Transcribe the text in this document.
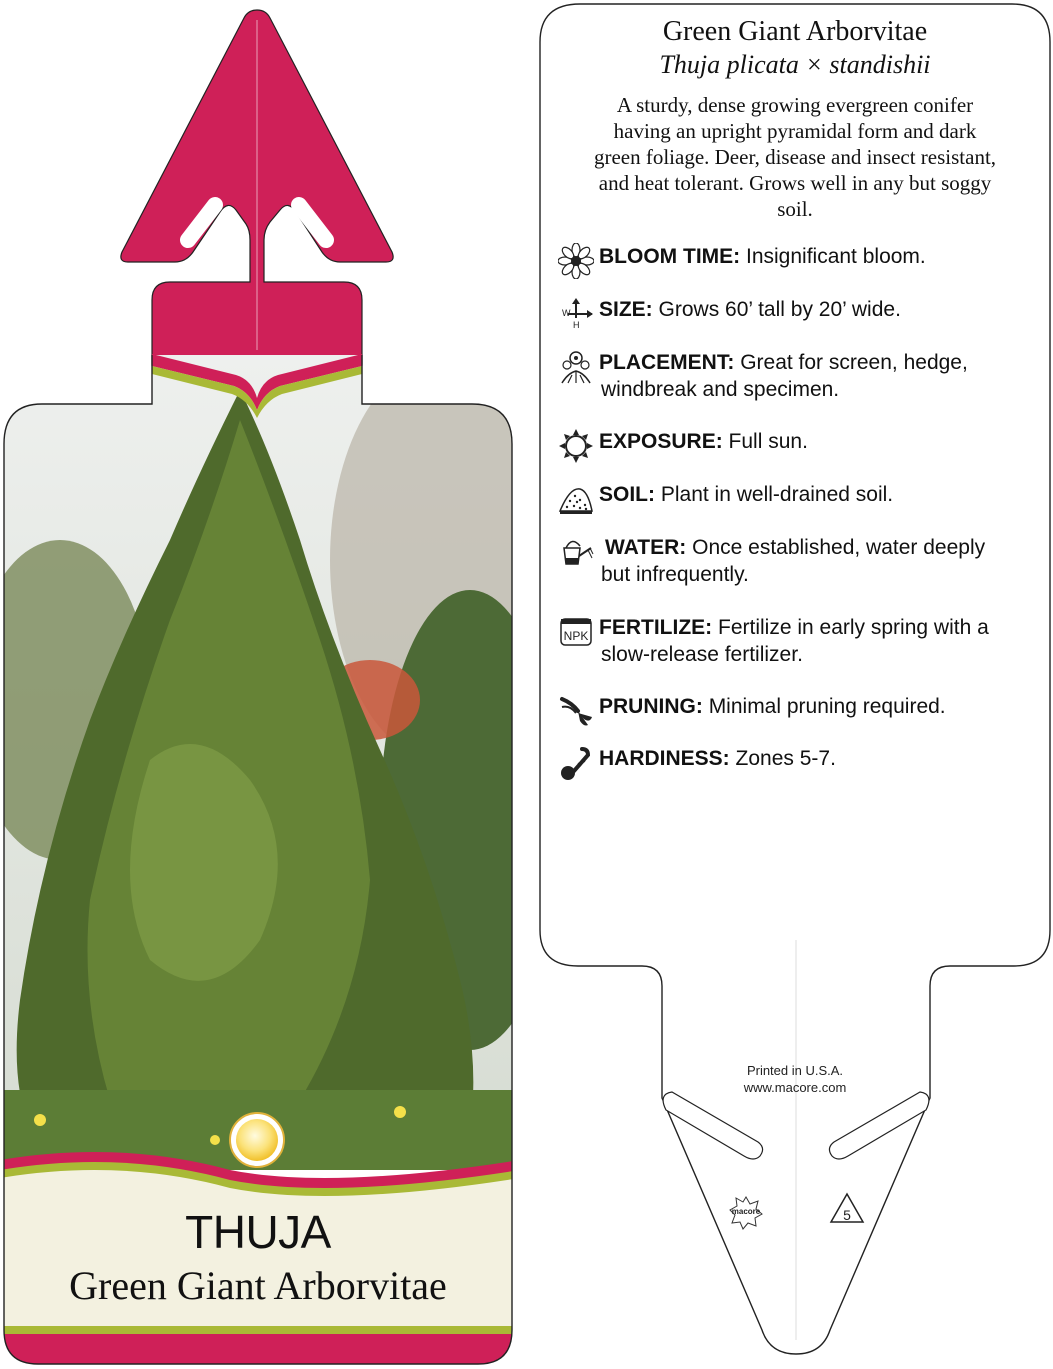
THUJA
Green Giant Arborvitae
macore	5
Green Giant Arborvitae
Thuja plicata × standishii
A sturdy, dense growing evergreen conifer
having an upright pyramidal form and dark
green foliage. Deer, disease and insect resistant,
and heat tolerant. Grows well in any but soggy
soil.
BLOOM TIME: Insignificant bloom.
W
H
SIZE: Grows 60’ tall by 20’ wide.
PLACEMENT: Great for screen, hedge,
windbreak and specimen.
EXPOSURE: Full sun.
SOIL: Plant in well-drained soil.
WATER: Once established, water deeply
but infrequently.
NPK FERTILIZE: Fertilize in early spring with a
slow-release fertilizer.
PRUNING: Minimal pruning required.
HARDINESS: Zones 5-7.
Printed in U.S.A.
www.macore.com
